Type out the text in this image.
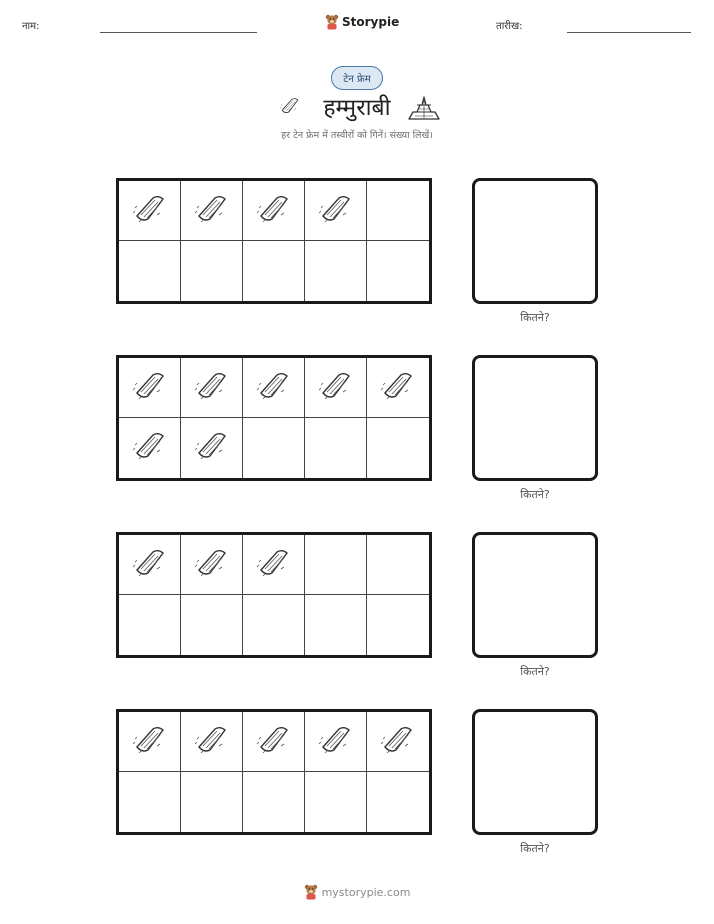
नाम:	Storypie	तारीख:
टेन फ्रेम
हम्मुराबी
हर टेन फ्रेम में तस्वीरों को गिनें। संख्या लिखें।
कितने?
कितने?
कितने?
कितने?
mystorypie.com
